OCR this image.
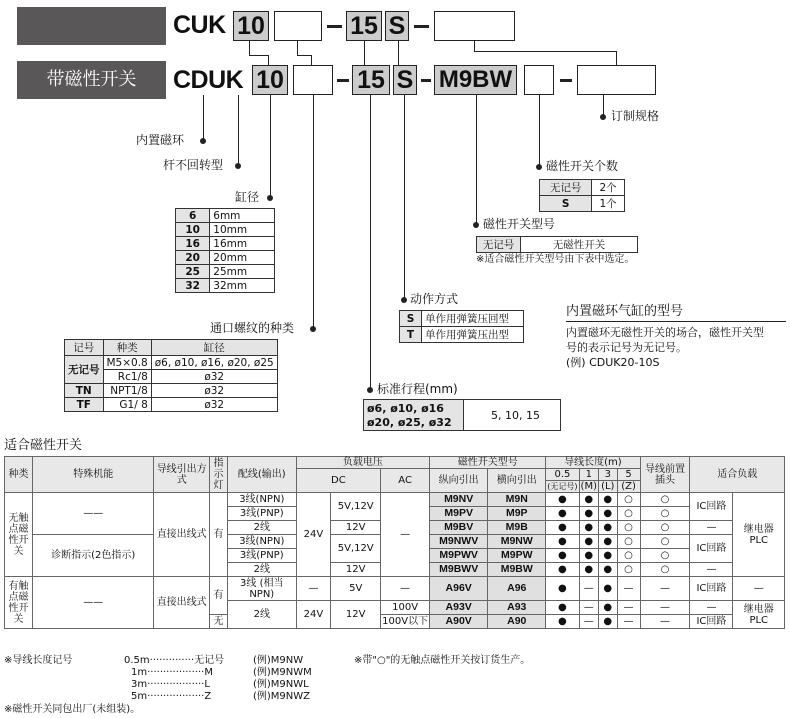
带磁性开关
CUK 10	15 S
CDUK 10	15 S M9BW
内置磁环
杆不回转型
缸径
6	6mm
10	10mm
16	16mm
20	20mm
25	25mm
32	32mm
通口螺纹的种类
记号	种类	缸径
无记号	M5×0.8	ø6, ø10, ø16, ø20, ø25
	Rc1/8	ø32
TN	NPT1/8	ø32
TF	G1/ 8	ø32
标准行程(mm)
ø6, ø10, ø16
ø20, ø25, ø32
5, 10, 15
动作方式
S	单作用弹簧压回型
T	单作用弹簧压出型
磁性开关型号
无记号	无磁性开关
※适合磁性开关型号由下表中选定。
磁性开关个数
无记号	2个
S	1个
订制规格
内置磁环气缸的型号
内置磁环无磁性开关的场合，磁性开关型
号的表示记号为无记号。
(例) CDUK20-10S
适合磁性开关
种类	特殊机能	导线引出方式	指示灯	配线(输出)	负载电压			磁性开关型号		导线长度(m)				导线前置插头	适合负载	
					DC		AC	纵向引出	横向引出	0.5	1	3	5			
										(无记号)	(M)	(L)	(Z)			
无触点磁性开关	——	直接出线式	有	3线(NPN)	24V	5V,12V	—	M9NV	M9N	●	●	●	○	○	IC回路	继电器
PLC
				3线(PNP)				M9PV	M9P	●	●	●	○	○		
				2线		12V		M9BV	M9B	●	●	●	○	○	—	
	诊断指示(2色指示)			3线(NPN)		5V,12V		M9NWV	M9NW	●	●	●	○	○	IC回路	
				3线(PNP)				M9PWV	M9PW	●	●	●	○	○		
				2线		12V		M9BWV	M9BW	●	●	●	○	○	—	
有触点磁性开关	——	直接出线式	有	3线 (相当NPN)	—	5V	—	A96V	A96	●	—	●	—	—	IC回路	—
				2线	24V	12V	100V	A93V	A93	●	—	●	—	—	—	继电器
PLC
			无				100V以下	A90V	A90	●	—	●	—	—	IC回路	
※导线长度记号	0.5m··············无记号
1m··················M
3m··················L
5m··················Z
(例)M9NW
(例)M9NWM
(例)M9NWL
(例)M9NWZ
※带"○"的无触点磁性开关按订货生产。
※磁性开关同包出厂(未组装)。
